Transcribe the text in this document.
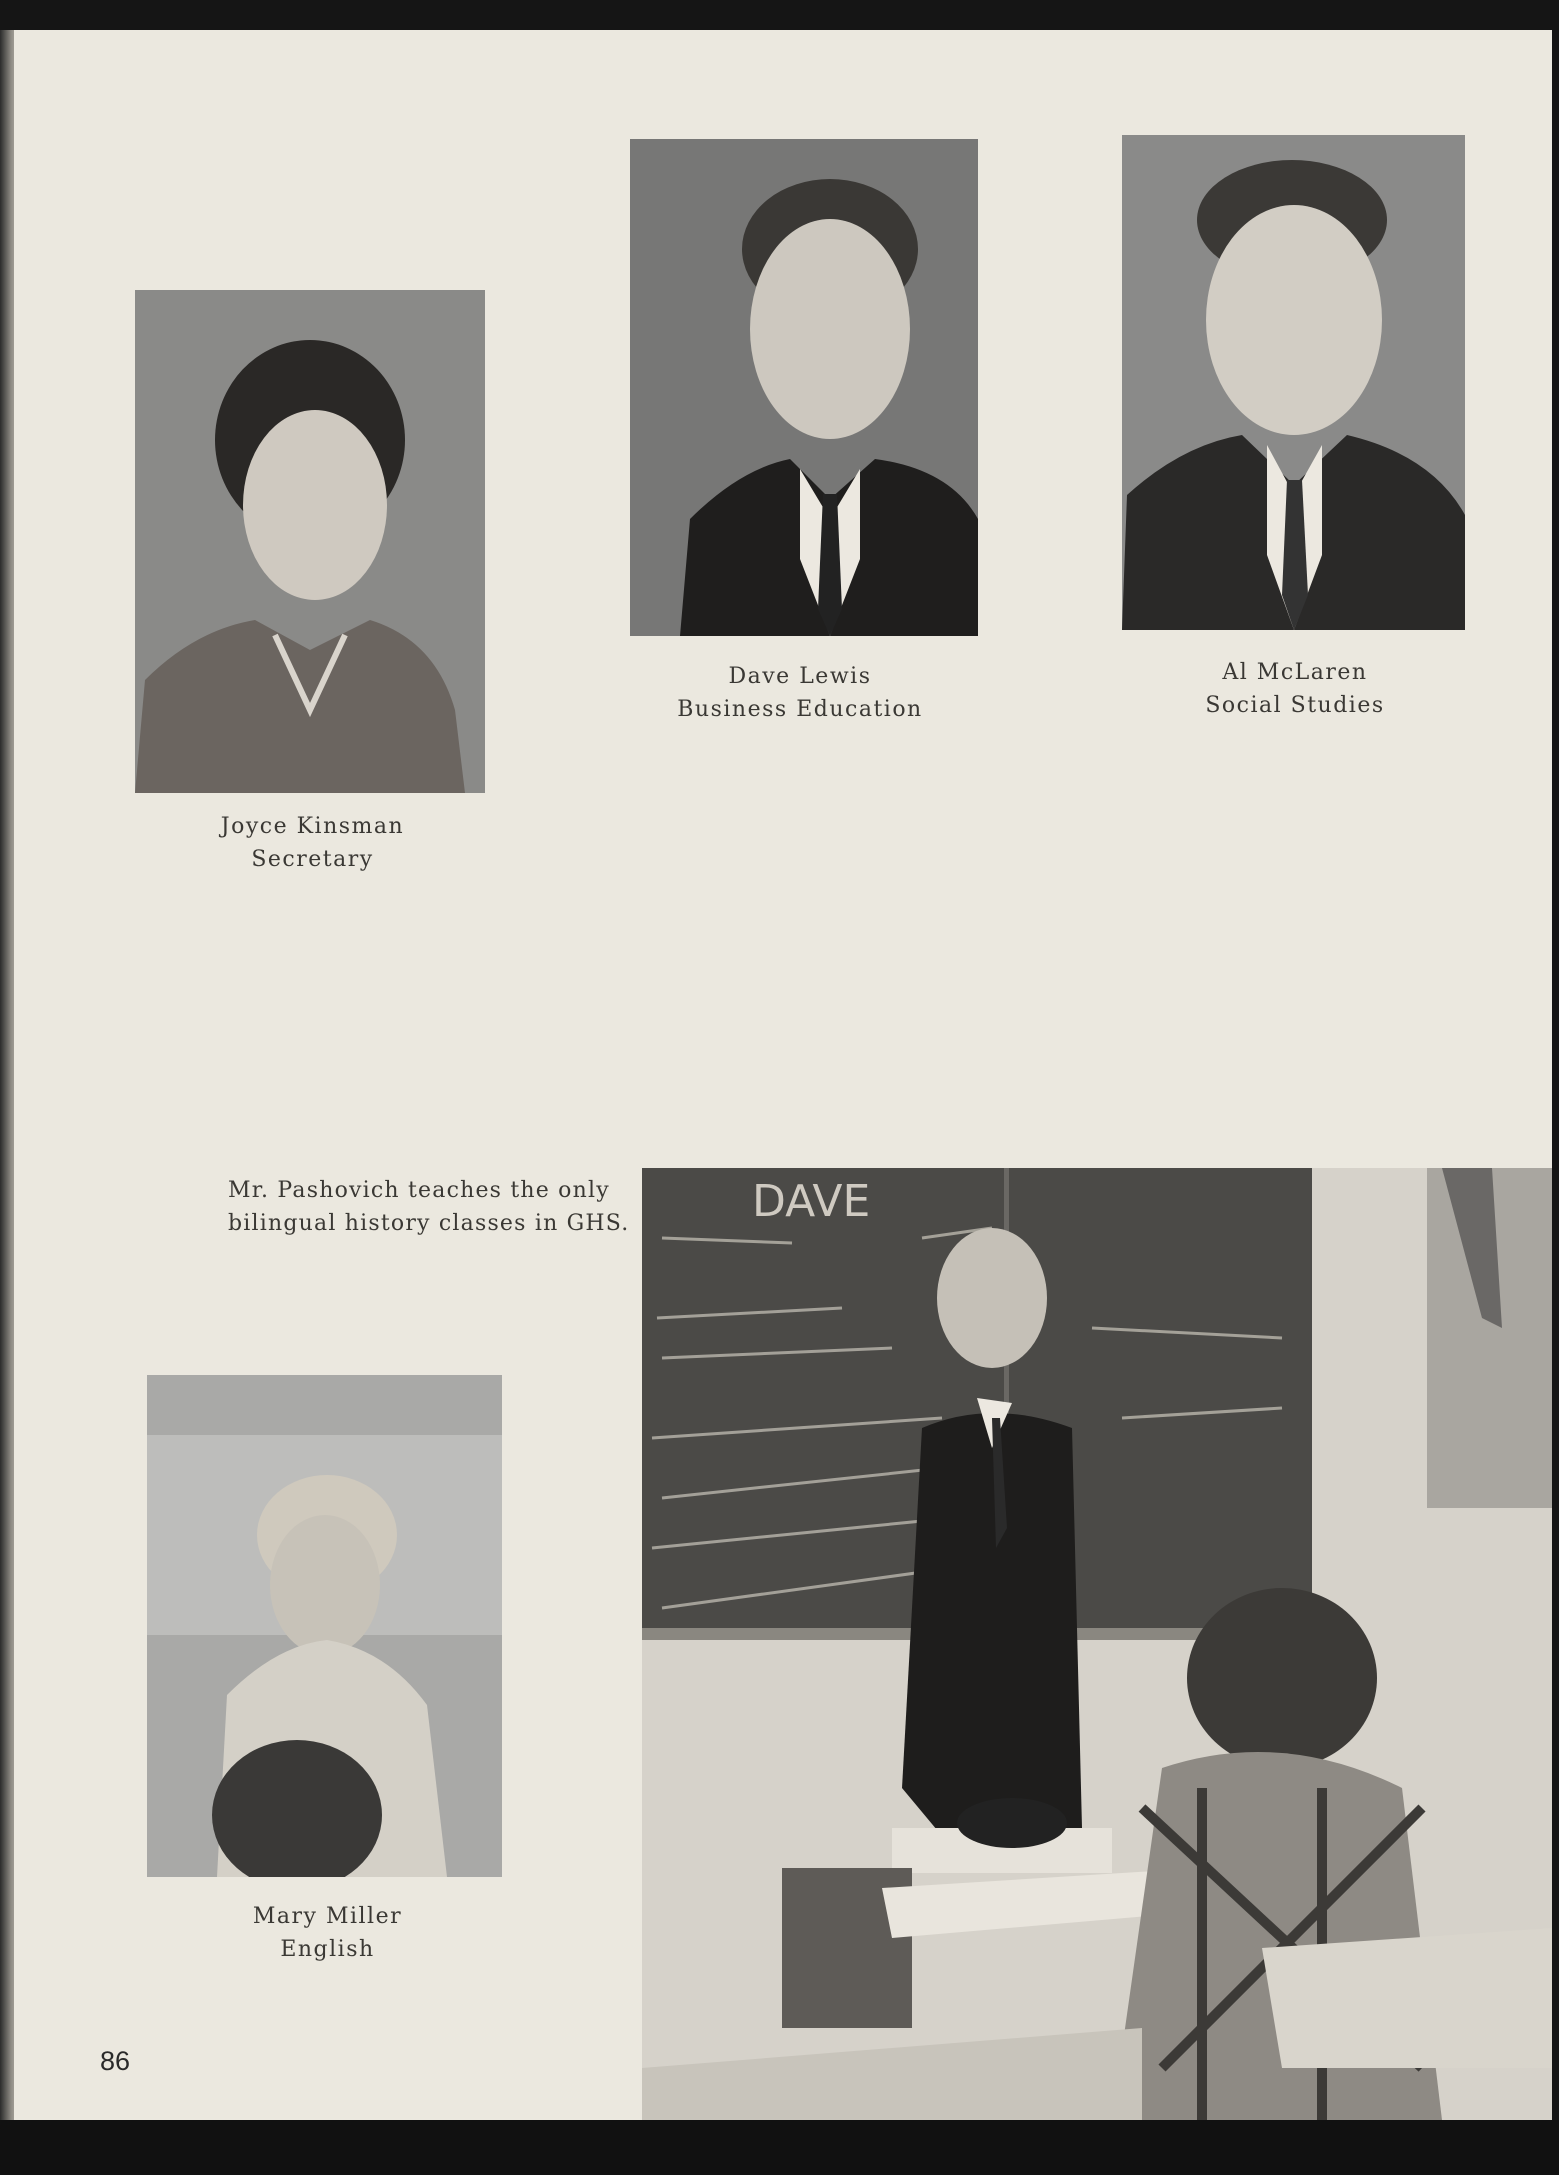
Joyce Kinsman
Secretary
Dave Lewis
Business Education
Al McLaren
Social Studies
Mr. Pashovich teaches the only
bilingual history classes in GHS.
Mary Miller
English
DAVE
86
